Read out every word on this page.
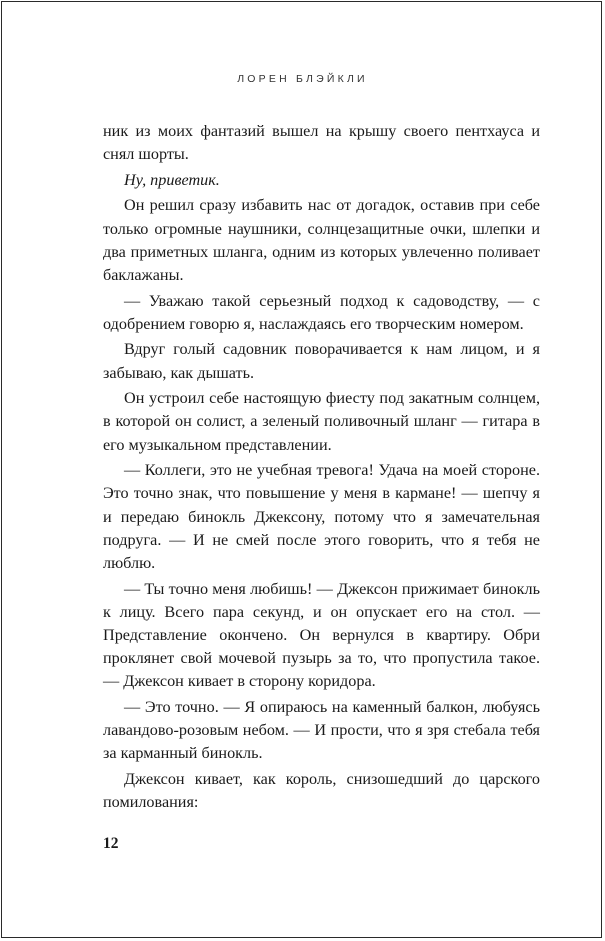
ЛОРЕН БЛЭЙКЛИ

ник из моих фантазий вышел на крышу своего пентхауса и снял шорты.

Ну, приветик.

Он решил сразу избавить нас от догадок, оставив при себе только огромные наушники, солнцезащитные очки, шлепки и два приметных шланга, одним из которых увлеченно поливает баклажаны.

— Уважаю такой серьезный подход к садоводству, — с одобрением говорю я, наслаждаясь его творческим номером.

Вдруг голый садовник поворачивается к нам лицом, и я забываю, как дышать.

Он устроил себе настоящую фиесту под закатным солнцем, в которой он солист, а зеленый поливочный шланг — гитара в его музыкальном представлении.

— Коллеги, это не учебная тревога! Удача на моей стороне. Это точно знак, что повышение у меня в кармане! — шепчу я и передаю бинокль Джексону, потому что я замечательная подруга. — И не смей после этого говорить, что я тебя не люблю.

— Ты точно меня любишь! — Джексон прижимает бинокль к лицу. Всего пара секунд, и он опускает его на стол. — Представление окончено. Он вернулся в квартиру. Обри проклянет свой мочевой пузырь за то, что пропустила такое. — Джексон кивает в сторону коридора.

— Это точно. — Я опираюсь на каменный балкон, любуясь лавандово-розовым небом. — И прости, что я зря стебала тебя за карманный бинокль.

Джексон кивает, как король, снизошедший до царского помилования:

12
